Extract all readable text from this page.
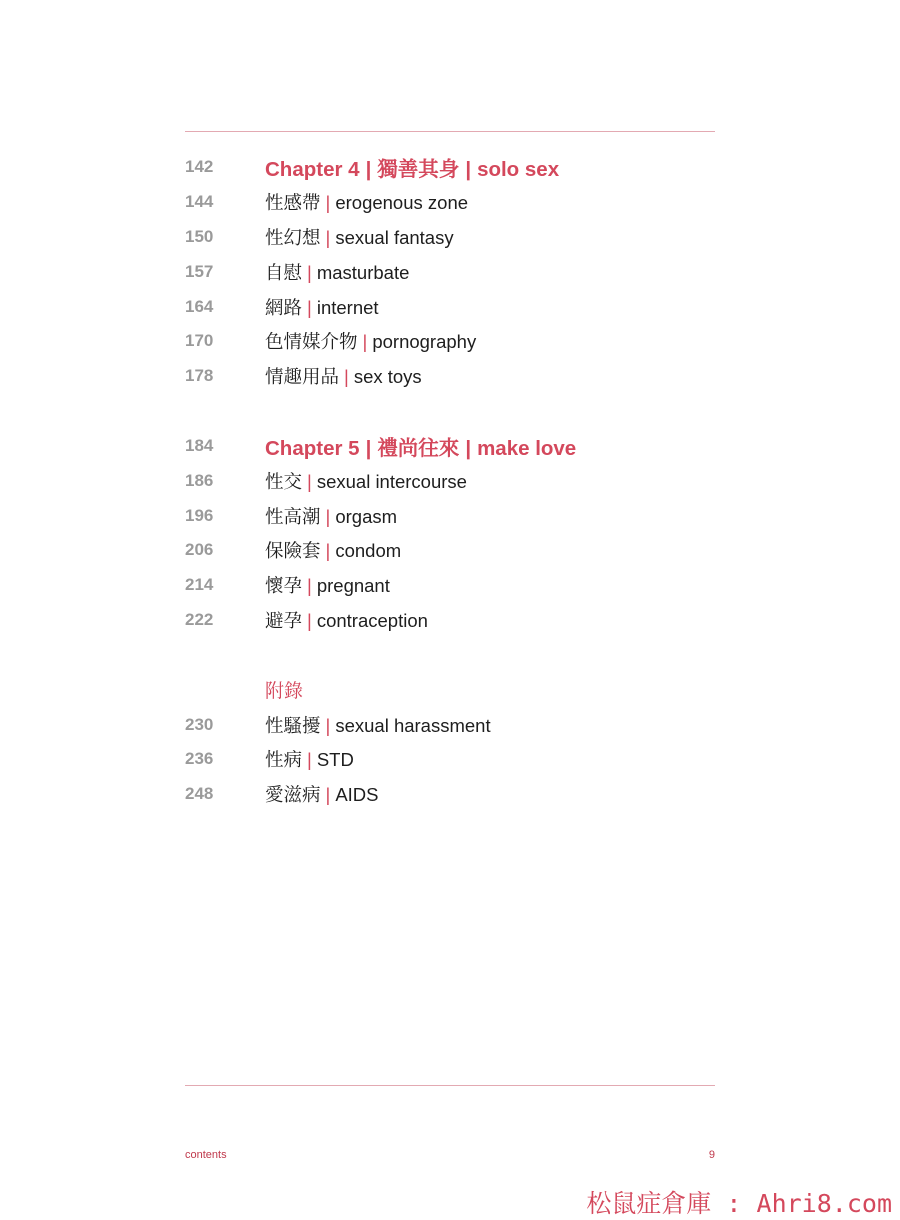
142	Chapter 4 | 獨善其身 | solo sex
144	性感帶 | erogenous zone
150	性幻想 | sexual fantasy
157	自慰 | masturbate
164	網路 | internet
170	色情媒介物 | pornography
178	情趣用品 | sex toys
184	Chapter 5 | 禮尚往來 | make love
186	性交 | sexual intercourse
196	性高潮 | orgasm
206	保險套 | condom
214	懷孕 | pregnant
222	避孕 | contraception
附錄
230	性騷擾 | sexual harassment
236	性病 | STD
248	愛滋病 | AIDS
contents	9
松鼠症倉庫 : Ahri8.com
